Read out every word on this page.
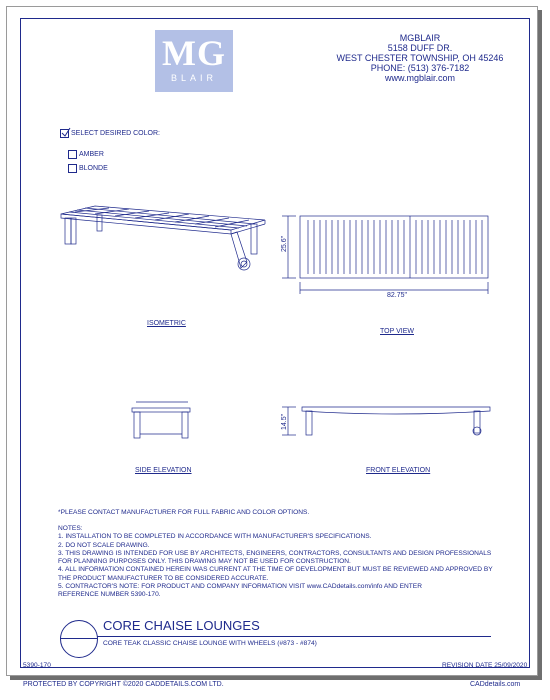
MG
BLAIR
MGBLAIR
5158 DUFF DR.
WEST CHESTER TOWNSHIP, OH 45246
PHONE: (513) 376-7182
www.mgblair.com
SELECT DESIRED COLOR:
AMBER
BLONDE
ISOMETRIC
25.6"
82.75"
TOP VIEW
SIDE ELEVATION
14.5"
FRONT ELEVATION
*PLEASE CONTACT MANUFACTURER FOR FULL FABRIC AND COLOR OPTIONS.
NOTES:
1. INSTALLATION TO BE COMPLETED IN ACCORDANCE WITH MANUFACTURER'S SPECIFICATIONS.
2. DO NOT SCALE DRAWING.
3. THIS DRAWING IS INTENDED FOR USE BY ARCHITECTS, ENGINEERS, CONTRACTORS, CONSULTANTS AND DESIGN PROFESSIONALS
FOR PLANNING PURPOSES ONLY. THIS DRAWING MAY NOT BE USED FOR CONSTRUCTION.
4. ALL INFORMATION CONTAINED HEREIN WAS CURRENT AT THE TIME OF DEVELOPMENT BUT MUST BE REVIEWED AND APPROVED BY
THE PRODUCT MANUFACTURER TO BE CONSIDERED ACCURATE.
5. CONTRACTOR'S NOTE: FOR PRODUCT AND COMPANY INFORMATION VISIT www.CADdetails.com/info AND ENTER
REFERENCE NUMBER 5390-170.
CORE CHAISE LOUNGES
CORE TEAK CLASSIC CHAISE LOUNGE WITH WHEELS (#873 - #874)
5390-170	REVISION DATE 25/09/2020
PROTECTED BY COPYRIGHT ©2020 CADDETAILS.COM LTD.	CADdetails.com
